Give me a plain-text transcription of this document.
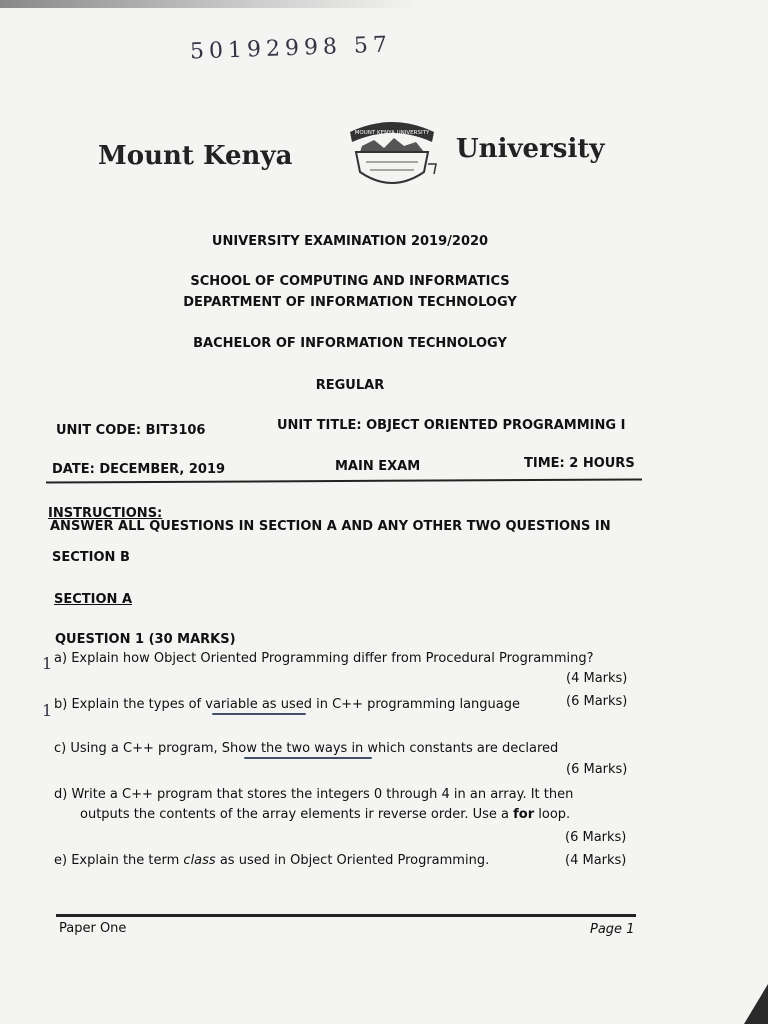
50192998 57
Mount Kenya
MOUNT KENYA UNIVERSITY
University
UNIVERSITY EXAMINATION 2019/2020
SCHOOL OF COMPUTING AND INFORMATICS
DEPARTMENT OF INFORMATION TECHNOLOGY
BACHELOR OF INFORMATION TECHNOLOGY
REGULAR
UNIT CODE: BIT3106	UNIT TITLE: OBJECT ORIENTED PROGRAMMING I
DATE: DECEMBER, 2019	MAIN EXAM	TIME: 2 HOURS
INSTRUCTIONS:
ANSWER ALL QUESTIONS IN SECTION A AND ANY OTHER TWO QUESTIONS IN
SECTION B
SECTION A
QUESTION 1 (30 MARKS)
1 a) Explain how Object Oriented Programming differ from Procedural Programming?
(4 Marks)
1 b) Explain the types of variable as used in C++ programming language	(6 Marks)
c) Using a C++ program, Show the two ways in which constants are declared
(6 Marks)
d) Write a C++ program that stores the integers 0 through 4 in an array. It then
outputs the contents of the array elements ir reverse order. Use a for loop.
(6 Marks)
e) Explain the term class as used in Object Oriented Programming.	(4 Marks)
Paper One	Page 1
